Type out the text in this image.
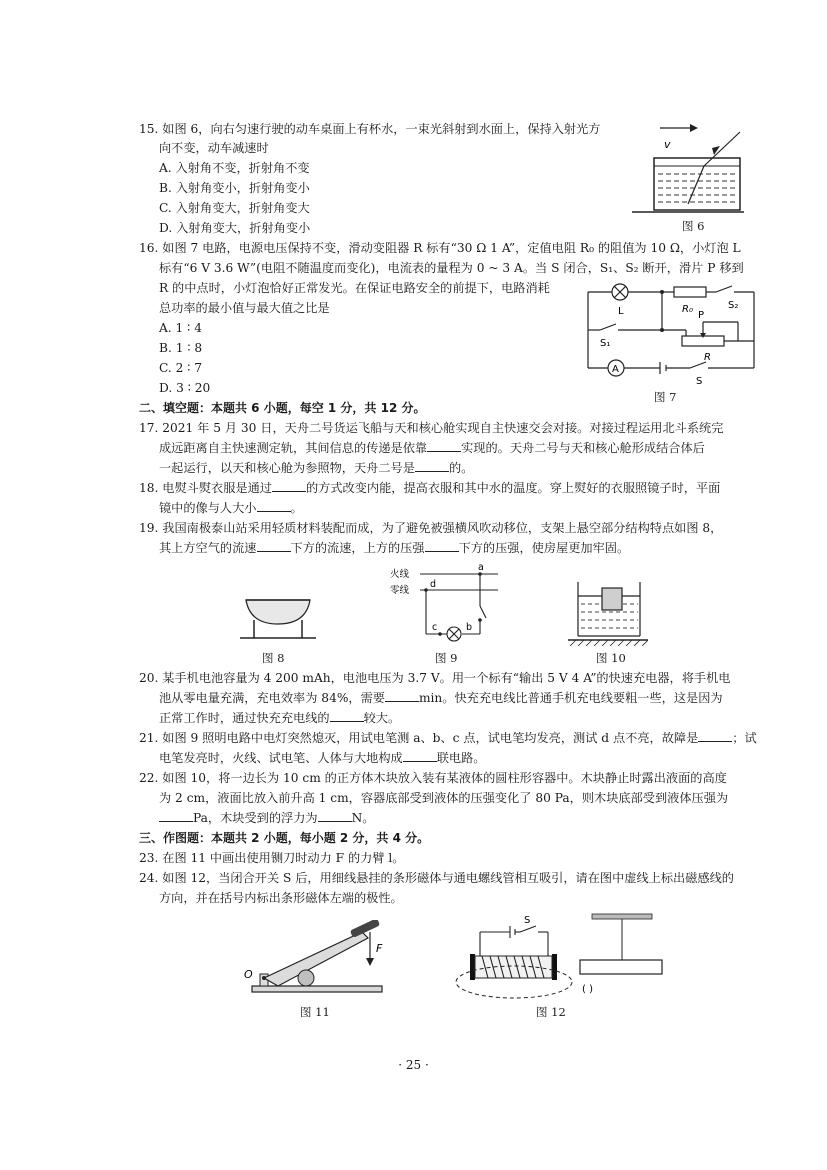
15. 如图 6，向右匀速行驶的动车桌面上有杯水，一束光斜射到水面上，保持入射光方
向不变，动车减速时
A. 入射角不变，折射角不变
B. 入射角变小，折射角变小
C. 入射角变大，折射角变大
D. 入射角变大，折射角变小
v
图 6
16. 如图 7 电路，电源电压保持不变，滑动变阻器 R 标有“30 Ω 1 A”，定值电阻 R₀ 的阻值为 10 Ω，小灯泡 L
标有“6 V 3.6 W”(电阻不随温度而变化)，电流表的量程为 0 ~ 3 A。当 S 闭合，S₁、S₂ 断开，滑片 P 移到
R 的中点时，小灯泡恰好正常发光。在保证电路安全的前提下，电路消耗
总功率的最小值与最大值之比是
A. 1 ∶ 4
B. 1 ∶ 8
C. 2 ∶ 7
D. 3 ∶ 20
L	R₀
P
S₂
S₁
R
A
S
图 7
二、填空题：本题共 6 小题，每空 1 分，共 12 分。
17. 2021 年 5 月 30 日，天舟二号货运飞船与天和核心舱实现自主快速交会对接。对接过程运用北斗系统完
成远距离自主快速测定轨，其间信息的传递是依靠	实现的。天舟二号与天和核心舱形成结合体后
一起运行，以天和核心舱为参照物，天舟二号是	的。
18. 电熨斗熨衣服是通过	的方式改变内能，提高衣服和其中水的温度。穿上熨好的衣服照镜子时，平面
镜中的像与人大小	。
19. 我国南极泰山站采用轻质材料装配而成，为了避免被强横风吹动移位，支架上悬空部分结构特点如图 8，
其上方空气的流速	下方的流速，上方的压强	下方的压强，使房屋更加牢固。
图 8
火线
零线
a
b
c
d
图 9	图 10
20. 某手机电池容量为 4 200 mAh，电池电压为 3.7 V。用一个标有“输出 5 V 4 A”的快速充电器，将手机电
池从零电量充满，充电效率为 84%，需要	min。快充充电线比普通手机充电线要粗一些，这是因为
正常工作时，通过快充充电线的	较大。
21. 如图 9 照明电路中电灯突然熄灭，用试电笔测 a、b、c 点，试电笔均发亮，测试 d 点不亮，故障是	；试
电笔发亮时，火线、试电笔、人体与大地构成	联电路。
22. 如图 10，将一边长为 10 cm 的正方体木块放入装有某液体的圆柱形容器中。木块静止时露出液面的高度
为 2 cm，液面比放入前升高 1 cm，容器底部受到液体的压强变化了 80 Pa，则木块底部受到液体压强为
Pa，木块受到的浮力为	N。
三、作图题：本题共 2 小题，每小题 2 分，共 4 分。
23. 在图 11 中画出使用铡刀时动力 F 的力臂 l。
24. 如图 12，当闭合开关 S 后，用细线悬挂的条形磁体与通电螺线管相互吸引，请在图中虚线上标出磁感线的
方向，并在括号内标出条形磁体左端的极性。
F
O
图 11
S
( )
图 12
· 25 ·
